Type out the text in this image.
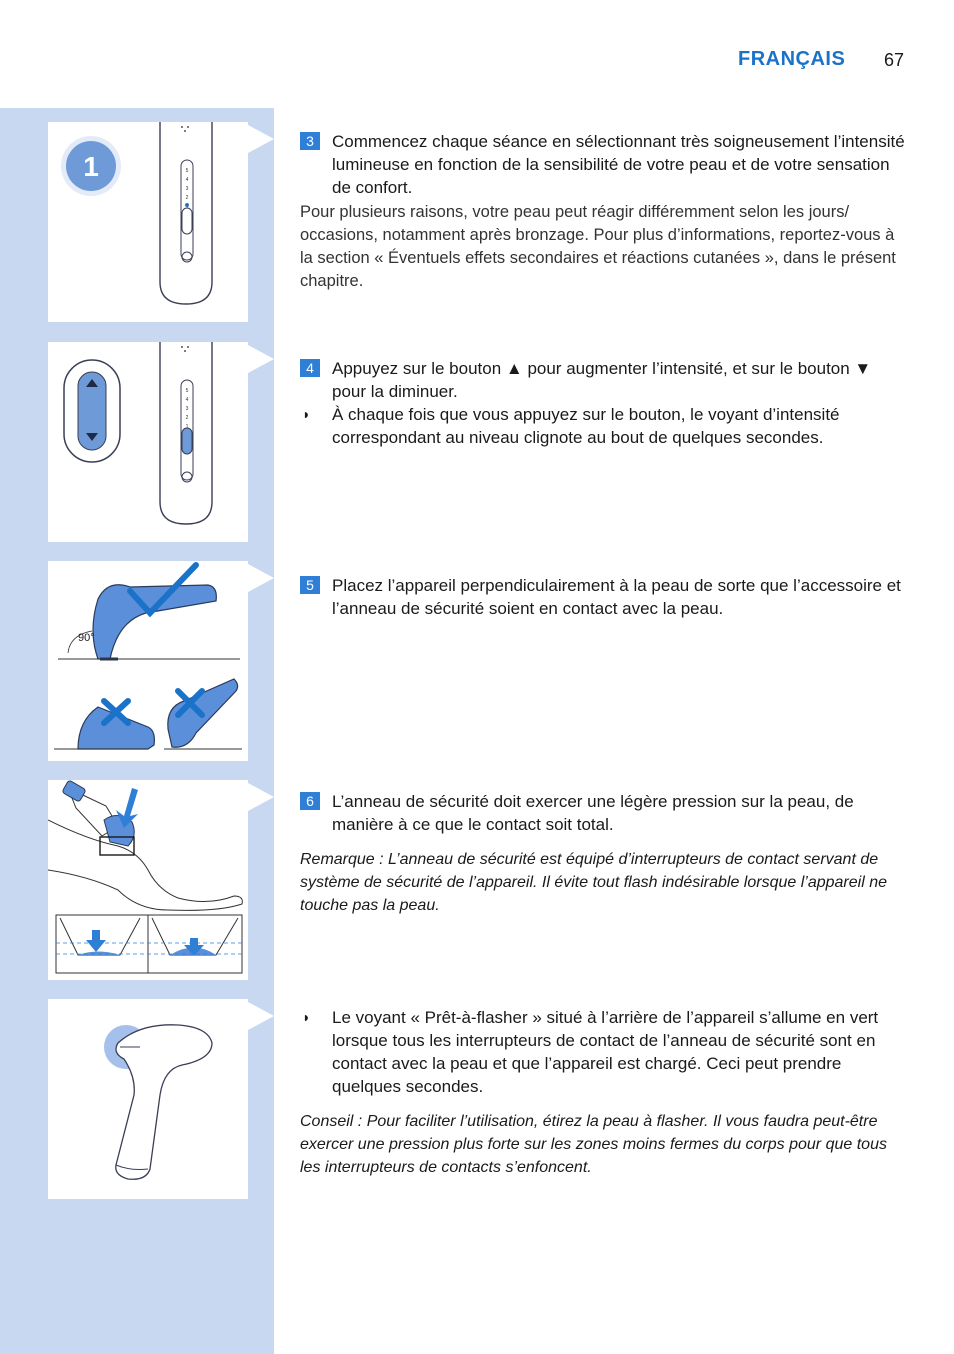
FRANÇAIS 67
1	5
4
3
2
1
5
4
3
2
1
90°
3	Commencez chaque séance en sélectionnant très soigneusement l’intensité lumineuse en fonction de la sensibilité de votre peau et de votre sensation de confort.
Pour plusieurs raisons, votre peau peut réagir différemment selon les jours/ occasions, notamment après bronzage. Pour plus d’informations, reportez-vous à la section « Éventuels effets secondaires et réactions cutanées », dans le présent chapitre.
4	Appuyez sur le bouton ▲ pour augmenter l’intensité, et sur le bouton ▼ pour la diminuer.
◗ À chaque fois que vous appuyez sur le bouton, le voyant d’intensité correspondant au niveau clignote au bout de quelques secondes.
5	Placez l’appareil perpendiculairement à la peau de sorte que l’accessoire et l’anneau de sécurité soient en contact avec la peau.
6	L’anneau de sécurité doit exercer une légère pression sur la peau, de manière à ce que le contact soit total.
Remarque : L’anneau de sécurité est équipé d’interrupteurs de contact servant de système de sécurité de l’appareil. Il évite tout flash indésirable lorsque l’appareil ne touche pas la peau.
◗ Le voyant « Prêt-à-flasher » situé à l’arrière de l’appareil s’allume en vert lorsque tous les interrupteurs de contact de l’anneau de sécurité sont en contact avec la peau et que l’appareil est chargé. Ceci peut prendre quelques secondes.
Conseil : Pour faciliter l’utilisation, étirez la peau à flasher. Il vous faudra peut-être exercer une pression plus forte sur les zones moins fermes du corps pour que tous les interrupteurs de contacts s’enfoncent.
